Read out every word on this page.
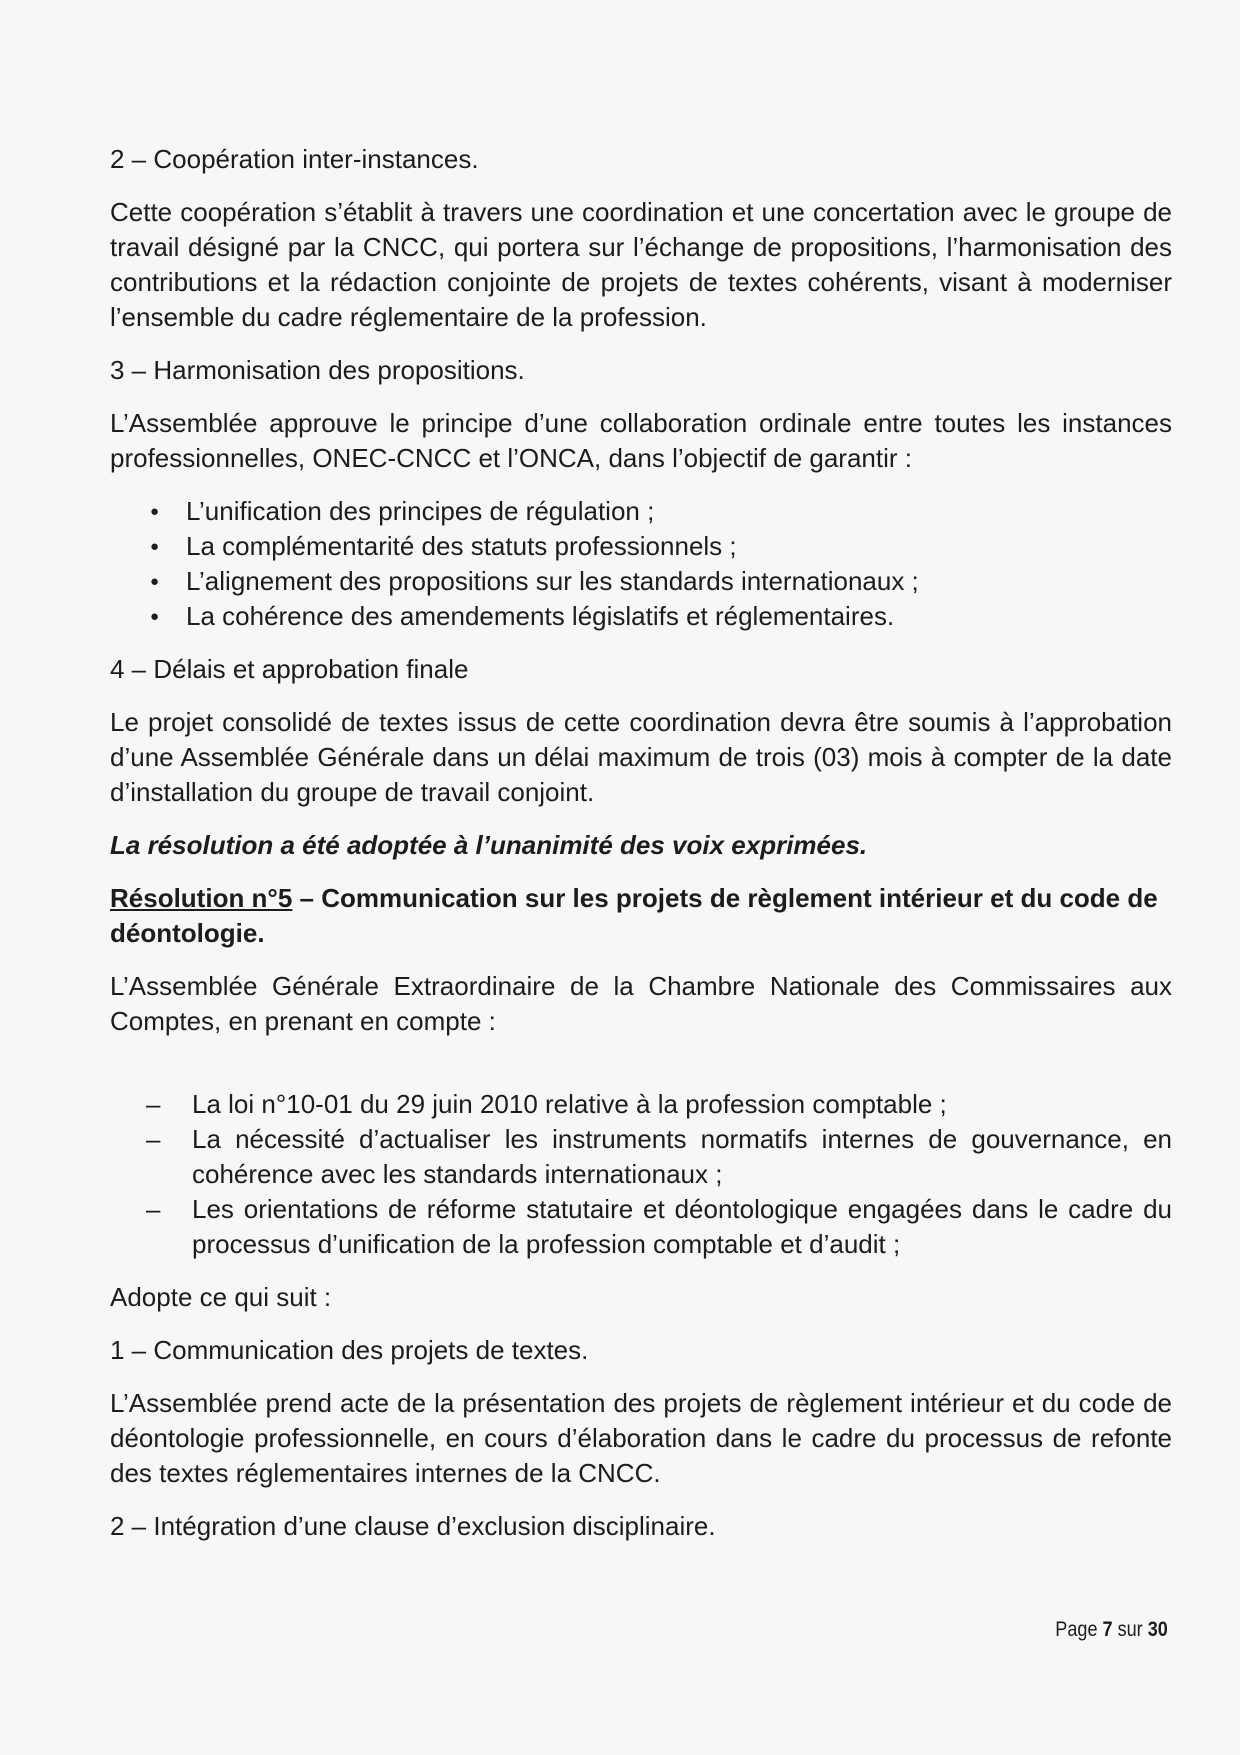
2 – Coopération inter-instances.

Cette coopération s’établit à travers une coordination et une concertation avec le groupe de travail désigné par la CNCC, qui portera sur l’échange de propositions, l’harmonisation des contributions et la rédaction conjointe de projets de textes cohérents, visant à moderniser l’ensemble du cadre réglementaire de la profession.

3 – Harmonisation des propositions.

L’Assemblée approuve le principe d’une collaboration ordinale entre toutes les instances professionnelles, ONEC-CNCC et l’ONCA, dans l’objectif de garantir :

● L’unification des principes de régulation ;
● La complémentarité des statuts professionnels ;
● L’alignement des propositions sur les standards internationaux ;
● La cohérence des amendements législatifs et réglementaires.

4 – Délais et approbation finale

Le projet consolidé de textes issus de cette coordination devra être soumis à l’approbation d’une Assemblée Générale dans un délai maximum de trois (03) mois à compter de la date d’installation du groupe de travail conjoint.

La résolution a été adoptée à l’unanimité des voix exprimées.

Résolution n°5 – Communication sur les projets de règlement intérieur et du code de déontologie.

L’Assemblée Générale Extraordinaire de la Chambre Nationale des Commissaires aux Comptes, en prenant en compte :

– La loi n°10-01 du 29 juin 2010 relative à la profession comptable ;
– La nécessité d’actualiser les instruments normatifs internes de gouvernance, en cohérence avec les standards internationaux ;
– Les orientations de réforme statutaire et déontologique engagées dans le cadre du processus d’unification de la profession comptable et d’audit ;

Adopte ce qui suit :

1 – Communication des projets de textes.

L’Assemblée prend acte de la présentation des projets de règlement intérieur et du code de déontologie professionnelle, en cours d’élaboration dans le cadre du processus de refonte des textes réglementaires internes de la CNCC.

2 – Intégration d’une clause d’exclusion disciplinaire.

Page 7 sur 30
